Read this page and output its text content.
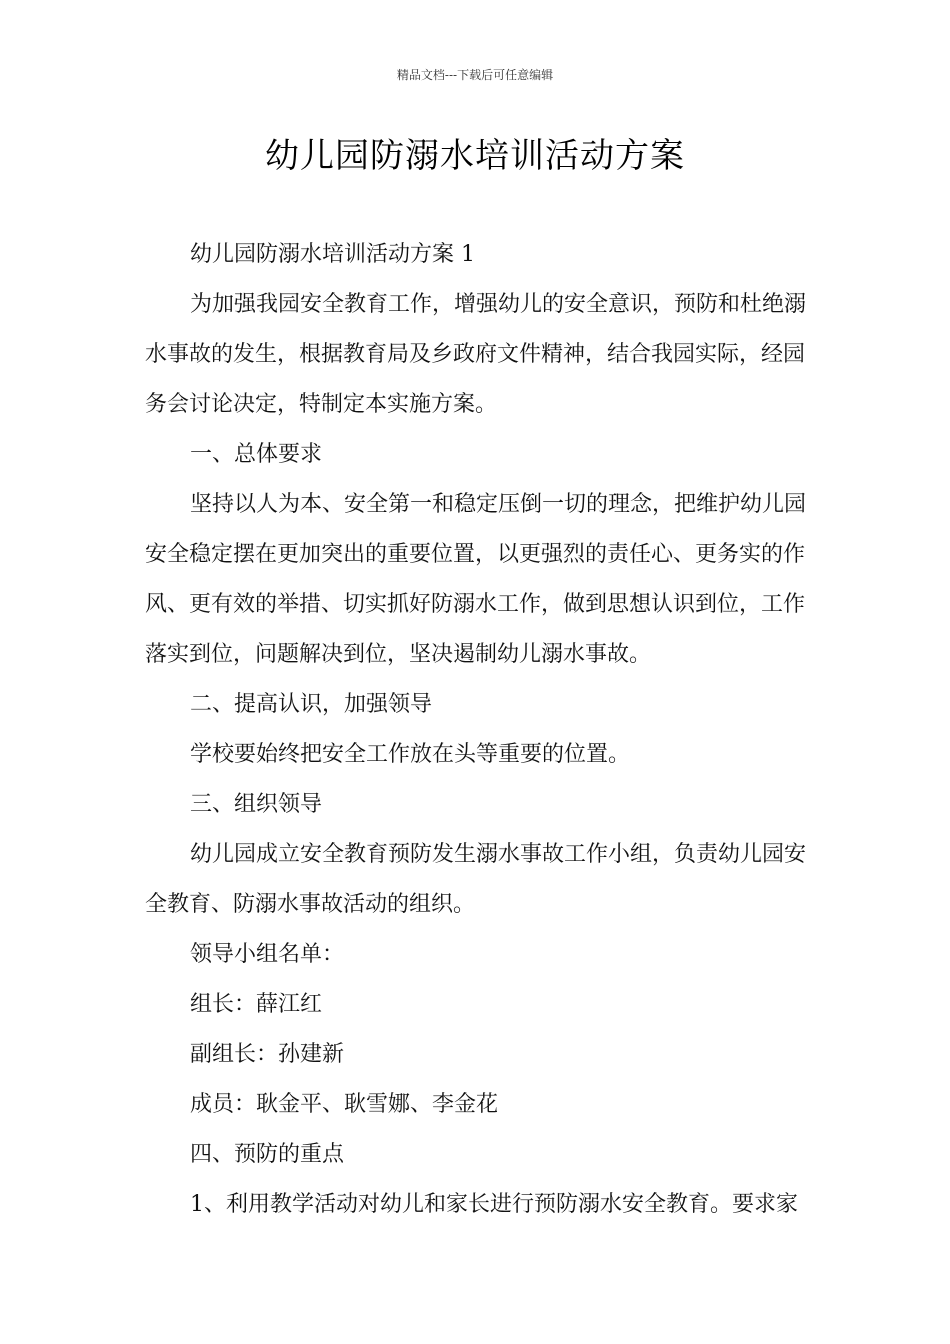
精品文档---下载后可任意编辑
幼儿园防溺水培训活动方案

幼儿园防溺水培训活动方案 1

为加强我园安全教育工作，增强幼儿的安全意识，预防和杜绝溺水事故的发生，根据教育局及乡政府文件精神，结合我园实际，经园务会讨论决定，特制定本实施方案。

一、总体要求

坚持以人为本、安全第一和稳定压倒一切的理念，把维护幼儿园安全稳定摆在更加突出的重要位置，以更强烈的责任心、更务实的作风、更有效的举措、切实抓好防溺水工作，做到思想认识到位，工作落实到位，问题解决到位，坚决遏制幼儿溺水事故。

二、提高认识，加强领导

学校要始终把安全工作放在头等重要的位置。

三、组织领导

幼儿园成立安全教育预防发生溺水事故工作小组，负责幼儿园安全教育、防溺水事故活动的组织。

领导小组名单：

组长：薛江红

副组长：孙建新

成员：耿金平、耿雪娜、李金花

四、预防的重点

1、利用教学活动对幼儿和家长进行预防溺水安全教育。要求家
